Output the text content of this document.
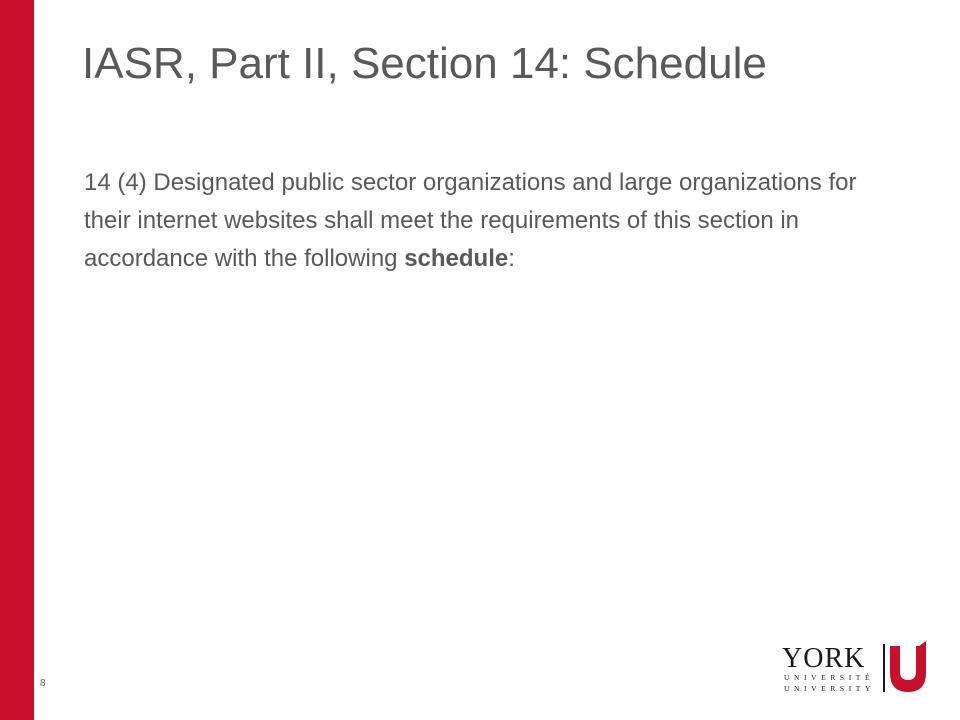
IASR, Part II, Section 14: Schedule

14 (4) Designated public sector organizations and large organizations for their internet websites shall meet the requirements of this section in accordance with the following schedule:

8
YORK
UNIVERSITÉ
UNIVERSITY
